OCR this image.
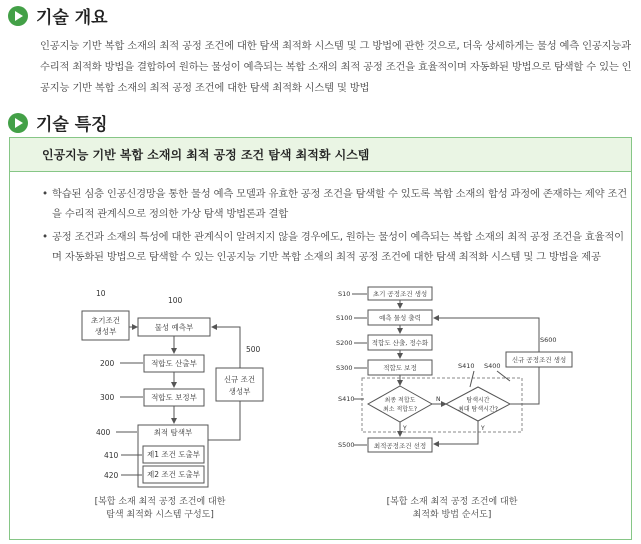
기술 개요

인공지능 기반 복합 소재의 최적 공정 조건에 대한 탐색 최적화 시스템 및 그 방법에 관한 것으로, 더욱 상세하게는 물성 예측 인공지능과 수리적 최적화 방법을 결합하여 원하는 물성이 예측되는 복합 소재의 최적 공정 조건을 효율적이며 자동화된 방법으로 탐색할 수 있는 인공지능 기반 복합 소재의 최적 공정 조건에 대한 탐색 최적화 시스템 및 방법

기술 특징
인공지능 기반 복합 소재의 최적 공정 조건 탐색 최적화 시스템
• 학습된 심층 인공신경망을 통한 물성 예측 모델과 유효한 공정 조건을 탐색할 수 있도록 복합 소재의 합성 과정에 존재하는 제약 조건을 수리적 관계식으로 정의한 가상 탐색 방법론과 결합
• 공정 조건과 소재의 특성에 대한 관계식이 알려지지 않을 경우에도, 원하는 물성이 예측되는 복합 소재의 최적 공정 조건을 효율적이며 자동화된 방법으로 탐색할 수 있는 인공지능 기반 복합 소재의 최적 공정 조건에 대한 탐색 최적화 시스템 및 그 방법을 제공
10
100
초기조건
생성부	물성 예측부
200	적합도 산출부
300	적합도 보정부
400	최적 탐색부
410	제1 조건 도출부
420	제2 조건 도출부
500
신규 조건
생성부
[복합 소재 최적 공정 조건에 대한
탐색 최적화 시스템 구성도]
S10	초기 공정조건 생성
S100	예측 물성 출력
S200	적합도 산출, 정수화
S300	적합도 보정	S410 S400
S410	최종 적합도
최소 적합도?
N	탐색시간
최대 탐색시간?
S600
신규 공정조건 생성
Y	Y
S500	최적공정조건 선정
[복합 소재 최적 공정 조건에 대한
최적화 방법 순서도]
